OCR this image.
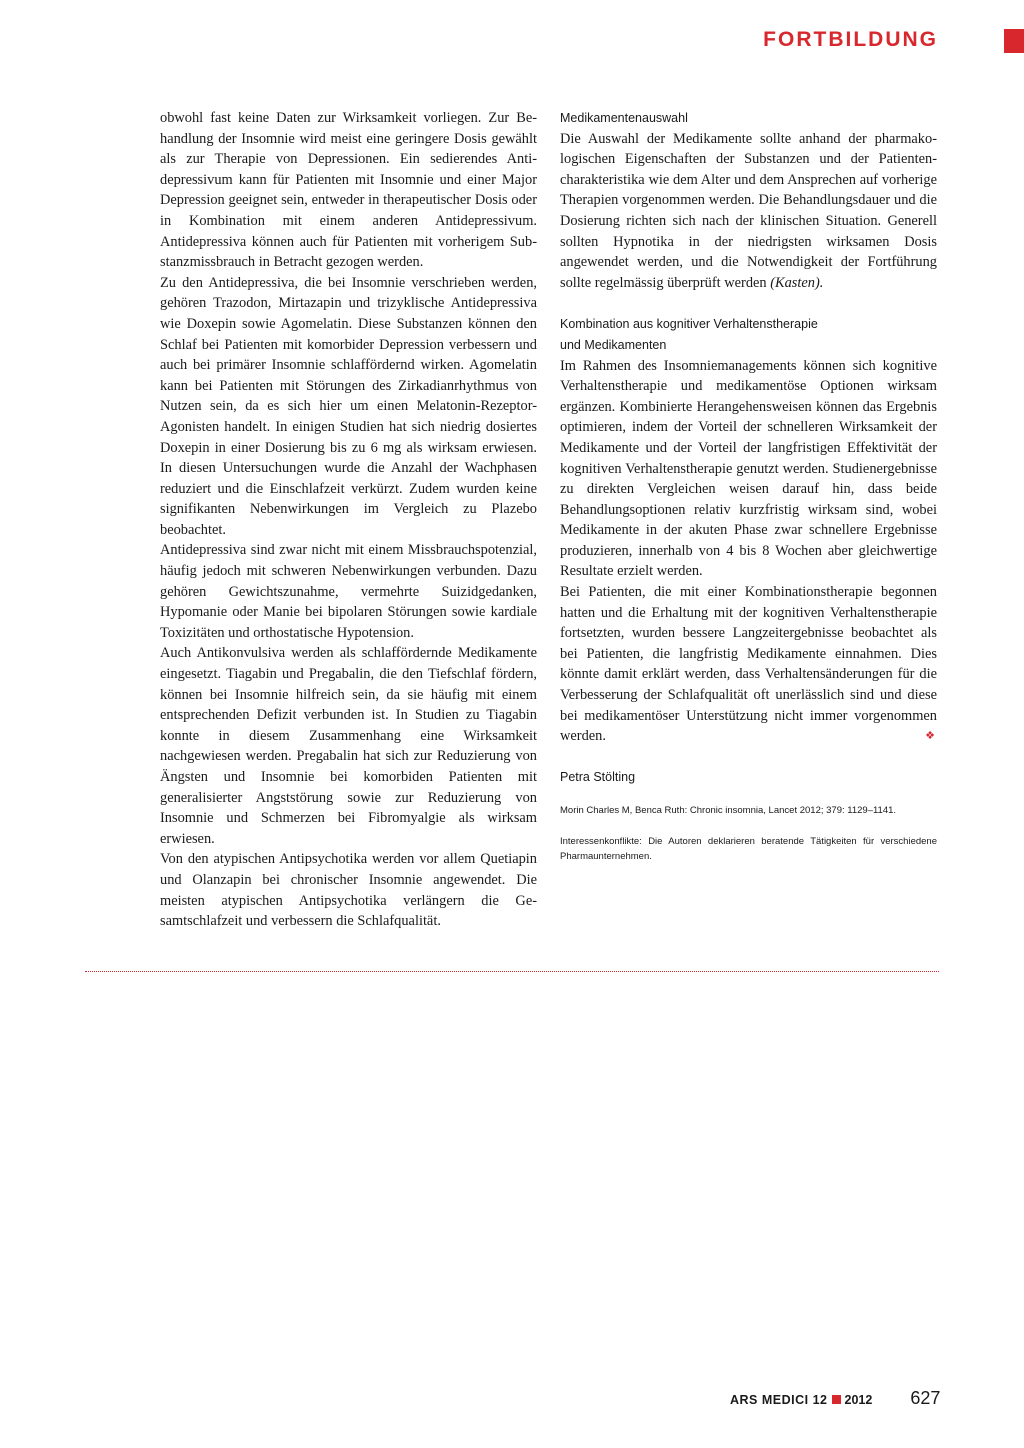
FORTBILDUNG

obwohl fast keine Daten zur Wirksamkeit vorliegen. Zur Behandlung der Insomnie wird meist eine geringere Dosis gewählt als zur Therapie von Depressionen. Ein sedierendes Antidepressivum kann für Patienten mit Insomnie und einer Major Depression geeignet sein, entweder in therapeutischer Dosis oder in Kombination mit einem anderen Antidepressivum. Antidepressiva können auch für Patienten mit vorherigem Substanzmissbrauch in Betracht gezogen werden.

Zu den Antidepressiva, die bei Insomnie verschrieben werden, gehören Trazodon, Mirtazapin und trizyklische Antidepressiva wie Doxepin sowie Agomelatin. Diese Substanzen können den Schlaf bei Patienten mit komorbider Depression verbessern und auch bei primärer Insomnie schlaffördernd wirken. Agomelatin kann bei Patienten mit Störungen des Zirkadianrhythmus von Nutzen sein, da es sich hier um einen Melatonin-Rezeptor-Agonisten handelt. In einigen Studien hat sich niedrig dosiertes Doxepin in einer Dosierung bis zu 6 mg als wirksam erwiesen. In diesen Untersuchungen wurde die Anzahl der Wachphasen reduziert und die Einschlafzeit verkürzt. Zudem wurden keine signifikanten Nebenwirkungen im Vergleich zu Plazebo beobachtet.

Antidepressiva sind zwar nicht mit einem Missbrauchspotenzial, häufig jedoch mit schweren Nebenwirkungen verbunden. Dazu gehören Gewichtszunahme, vermehrte Suizidgedanken, Hypomanie oder Manie bei bipolaren Störungen sowie kardiale Toxizitäten und orthostatische Hypotension.

Auch Antikonvulsiva werden als schlaffördernde Medikamente eingesetzt. Tiagabin und Pregabalin, die den Tiefschlaf fördern, können bei Insomnie hilfreich sein, da sie häufig mit einem entsprechenden Defizit verbunden ist. In Studien zu Tiagabin konnte in diesem Zusammenhang eine Wirksamkeit nachgewiesen werden. Pregabalin hat sich zur Reduzierung von Ängsten und Insomnie bei komorbiden Patienten mit generalisierter Angststörung sowie zur Reduzierung von Insomnie und Schmerzen bei Fibromyalgie als wirksam erwiesen.

Von den atypischen Antipsychotika werden vor allem Quetiapin und Olanzapin bei chronischer Insomnie angewendet. Die meisten atypischen Antipsychotika verlängern die Gesamtschlafzeit und verbessern die Schlafqualität.

Medikamentenauswahl

Die Auswahl der Medikamente sollte anhand der pharmakologischen Eigenschaften der Substanzen und der Patientencharakteristika wie dem Alter und dem Ansprechen auf vorherige Therapien vorgenommen werden. Die Behandlungsdauer und die Dosierung richten sich nach der klinischen Situation. Generell sollten Hypnotika in der niedrigsten wirksamen Dosis angewendet werden, und die Notwendigkeit der Fortführung sollte regelmässig überprüft werden (Kasten).

Kombination aus kognitiver Verhaltenstherapie
und Medikamenten

Im Rahmen des Insomniemanagements können sich kognitive Verhaltenstherapie und medikamentöse Optionen wirksam ergänzen. Kombinierte Herangehensweisen können das Ergebnis optimieren, indem der Vorteil der schnelleren Wirksamkeit der Medikamente und der Vorteil der langfristigen Effektivität der kognitiven Verhaltenstherapie genutzt werden. Studienergebnisse zu direkten Vergleichen weisen darauf hin, dass beide Behandlungsoptionen relativ kurzfristig wirksam sind, wobei Medikamente in der akuten Phase zwar schnellere Ergebnisse produzieren, innerhalb von 4 bis 8 Wochen aber gleichwertige Resultate erzielt werden.

Bei Patienten, die mit einer Kombinationstherapie begonnen hatten und die Erhaltung mit der kognitiven Verhaltenstherapie fortsetzten, wurden bessere Langzeitergebnisse beobachtet als bei Patienten, die langfristig Medikamente einnahmen. Dies könnte damit erklärt werden, dass Verhaltensänderungen für die Verbesserung der Schlafqualität oft unerlässlich sind und diese bei medikamentöser Unterstützung nicht immer vorgenommen werden.	❖

Petra Stölting
Morin Charles M, Benca Ruth: Chronic insomnia, Lancet 2012; 379: 1129–1141.
Interessenkonflikte: Die Autoren deklarieren beratende Tätigkeiten für verschiedene Pharmaunternehmen.
ARS MEDICI 12 2012 627
